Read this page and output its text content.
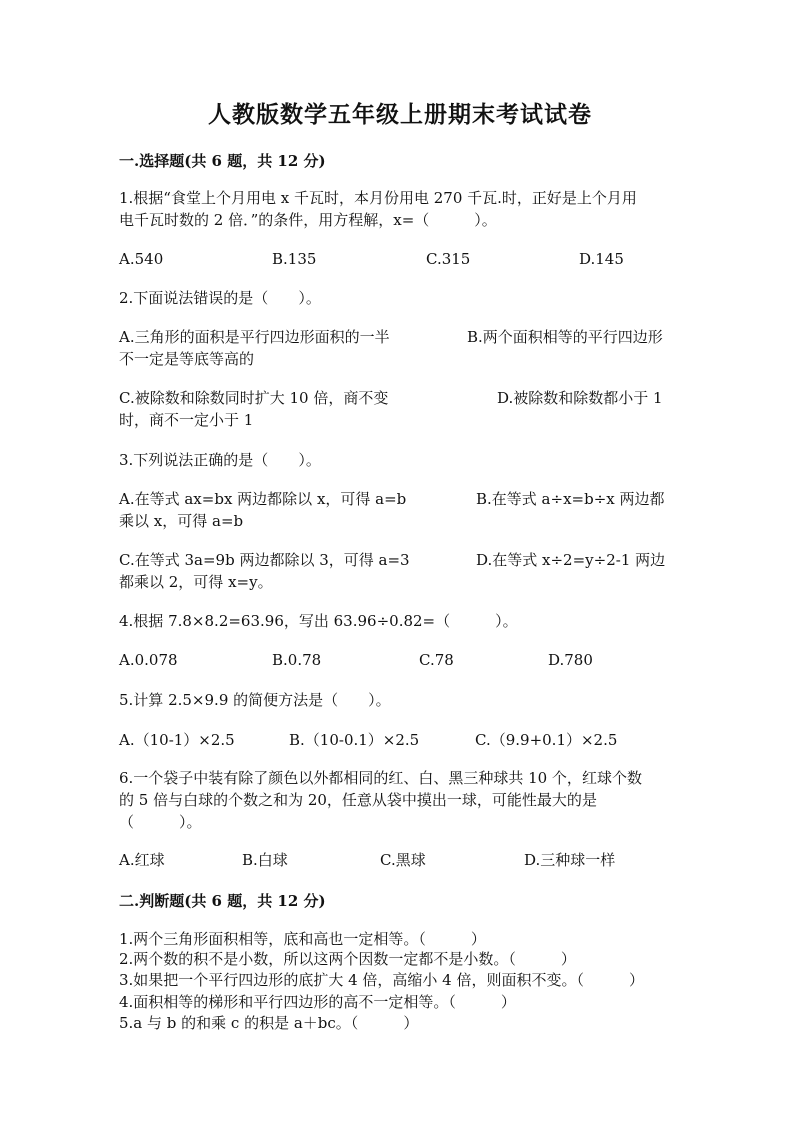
人教版数学五年级上册期末考试试卷
一.选择题(共 6 题，共 12 分)
1.根据“食堂上个月用电 x 千瓦时，本月份用电 270 千瓦.时，正好是上个月用
电千瓦时数的 2 倍．”的条件，用方程解，x=（　　　）。
A.540	B.135	C.315	D.145
2.下面说法错误的是（　　）。
A.三角形的面积是平行四边形面积的一半	B.两个面积相等的平行四边形
不一定是等底等高的
C.被除数和除数同时扩大 10 倍，商不变	D.被除数和除数都小于 1
时，商不一定小于 1
3.下列说法正确的是（　　）。
A.在等式 ax=bx 两边都除以 x，可得 a=b	B.在等式 a÷x=b÷x 两边都
乘以 x，可得 a=b
C.在等式 3a=9b 两边都除以 3，可得 a=3	D.在等式 x÷2=y÷2-1 两边
都乘以 2，可得 x=y。
4.根据 7.8×8.2=63.96，写出 63.96÷0.82=（　　　）。
A.0.078	B.0.78	C.78	D.780
5.计算 2.5×9.9 的简便方法是（　　）。
A.（10-1）×2.5	B.（10-0.1）×2.5	C.（9.9+0.1）×2.5
6.一个袋子中装有除了颜色以外都相同的红、白、黑三种球共 10 个，红球个数
的 5 倍与白球的个数之和为 20，任意从袋中摸出一球，可能性最大的是
（　　　）。
A.红球	B.白球	C.黑球	D.三种球一样
二.判断题(共 6 题，共 12 分)
1.两个三角形面积相等，底和高也一定相等。（　　　）
2.两个数的积不是小数，所以这两个因数一定都不是小数。（　　　）
3.如果把一个平行四边形的底扩大 4 倍，高缩小 4 倍，则面积不变。（　　　）
4.面积相等的梯形和平行四边形的高不一定相等。（　　　）
5.a 与 b 的和乘 c 的积是 a＋bc。（　　　）
